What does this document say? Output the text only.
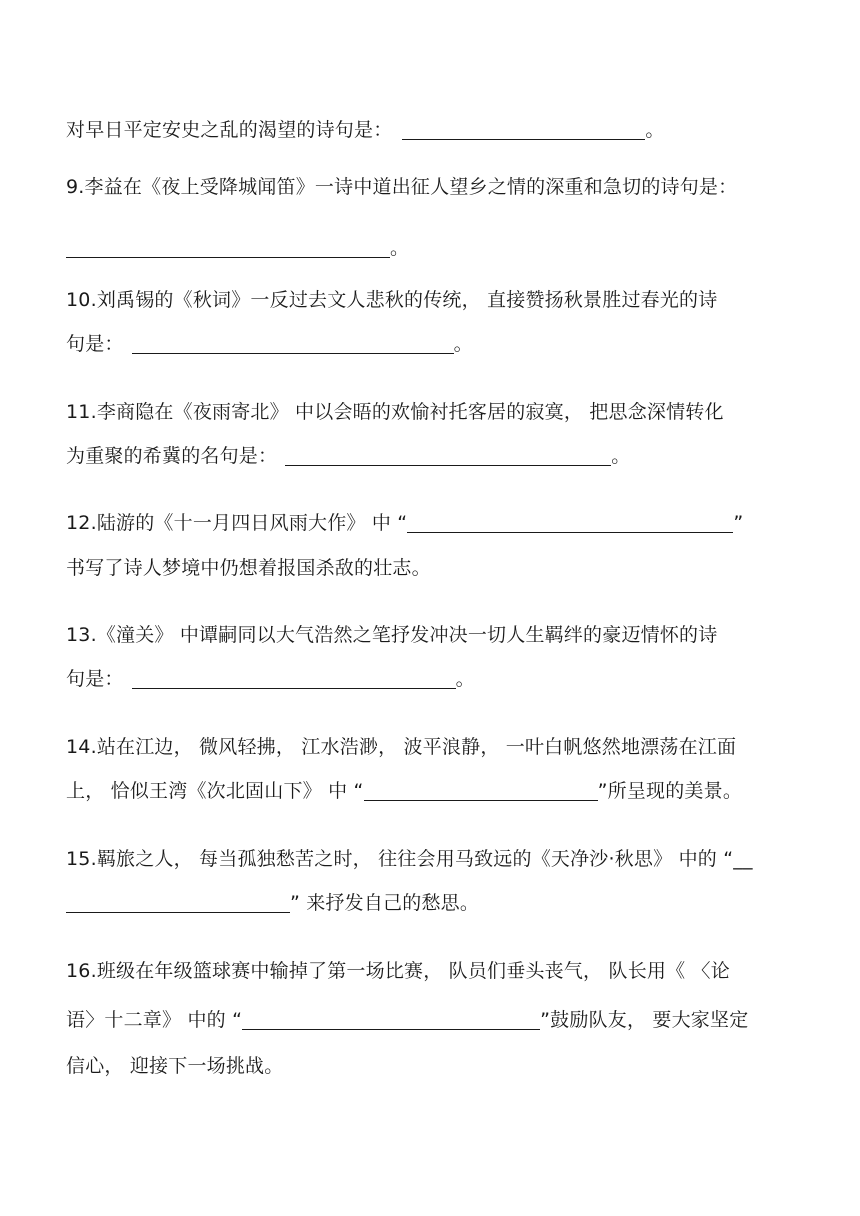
对早日平定安史之乱的渴望的诗句是：	。
9.李益在《夜上受降城闻笛》一诗中道出征人望乡之情的深重和急切的诗句是：
。
10.刘禹锡的《秋词》一反过去文人悲秋的传统， 直接赞扬秋景胜过春光的诗
句是：	。
11.李商隐在《夜雨寄北》 中以会晤的欢愉衬托客居的寂寞， 把思念深情转化
为重聚的希冀的名句是：	。
12.陆游的《十一月四日风雨大作》 中 “	”
书写了诗人梦境中仍想着报国杀敌的壮志。
13.《潼关》 中谭嗣同以大气浩然之笔抒发冲决一切人生羁绊的豪迈情怀的诗
句是：	。
14.站在江边， 微风轻拂， 江水浩渺， 波平浪静， 一叶白帆悠然地漂荡在江面
上， 恰似王湾《次北固山下》 中 “	”所呈现的美景。
15.羁旅之人， 每当孤独愁苦之时， 往往会用马致远的《天净沙·秋思》 中的 “__
” 来抒发自己的愁思。
16.班级在年级篮球赛中输掉了第一场比赛， 队员们垂头丧气， 队长用《 〈论
语〉十二章》 中的 “	”鼓励队友， 要大家坚定
信心， 迎接下一场挑战。
